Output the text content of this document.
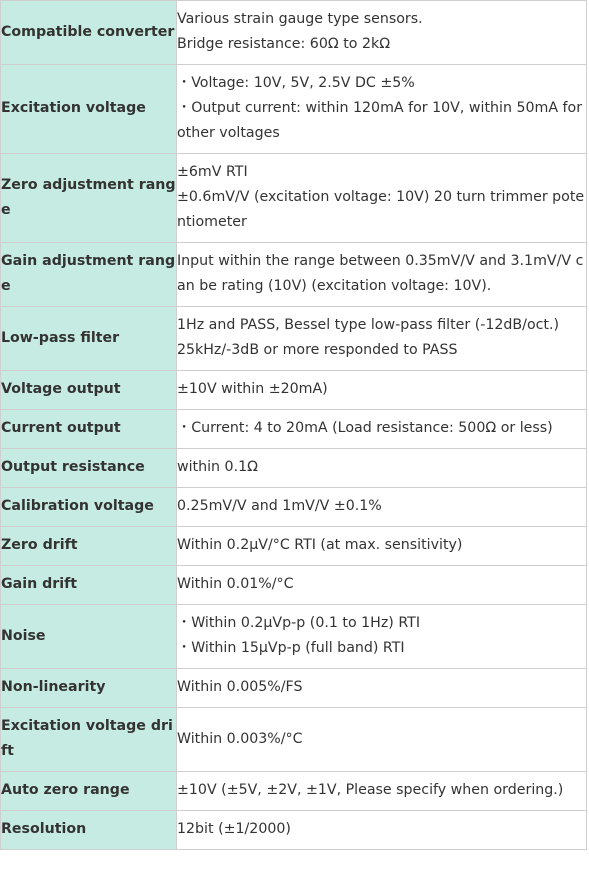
Compatible converter	Various strain gauge type sensors.
Bridge resistance: 60Ω to 2kΩ

Excitation voltage	・Voltage: 10V, 5V, 2.5V DC ±5%
・Output current: within 120mA for 10V, within 50mA for other voltages

Zero adjustment range	±6mV RTI
±0.6mV/V (excitation voltage: 10V) 20 turn trimmer potentiometer

Gain adjustment range	Input within the range between 0.35mV/V and 3.1mV/V can be rating (10V) (excitation voltage: 10V).

Low-pass filter	1Hz and PASS, Bessel type low-pass filter (-12dB/oct.)
25kHz/-3dB or more responded to PASS

Voltage output	±10V within ±20mA)

Current output	・Current: 4 to 20mA (Load resistance: 500Ω or less)

Output resistance	within 0.1Ω

Calibration voltage	0.25mV/V and 1mV/V ±0.1%

Zero drift	Within 0.2μV/°C RTI (at max. sensitivity)

Gain drift	Within 0.01%/°C

Noise	・Within 0.2μVp-p (0.1 to 1Hz) RTI
・Within 15μVp-p (full band) RTI

Non-linearity	Within 0.005%/FS

Excitation voltage drift	Within 0.003%/°C

Auto zero range	±10V (±5V, ±2V, ±1V, Please specify when ordering.)

Resolution	12bit (±1/2000)
